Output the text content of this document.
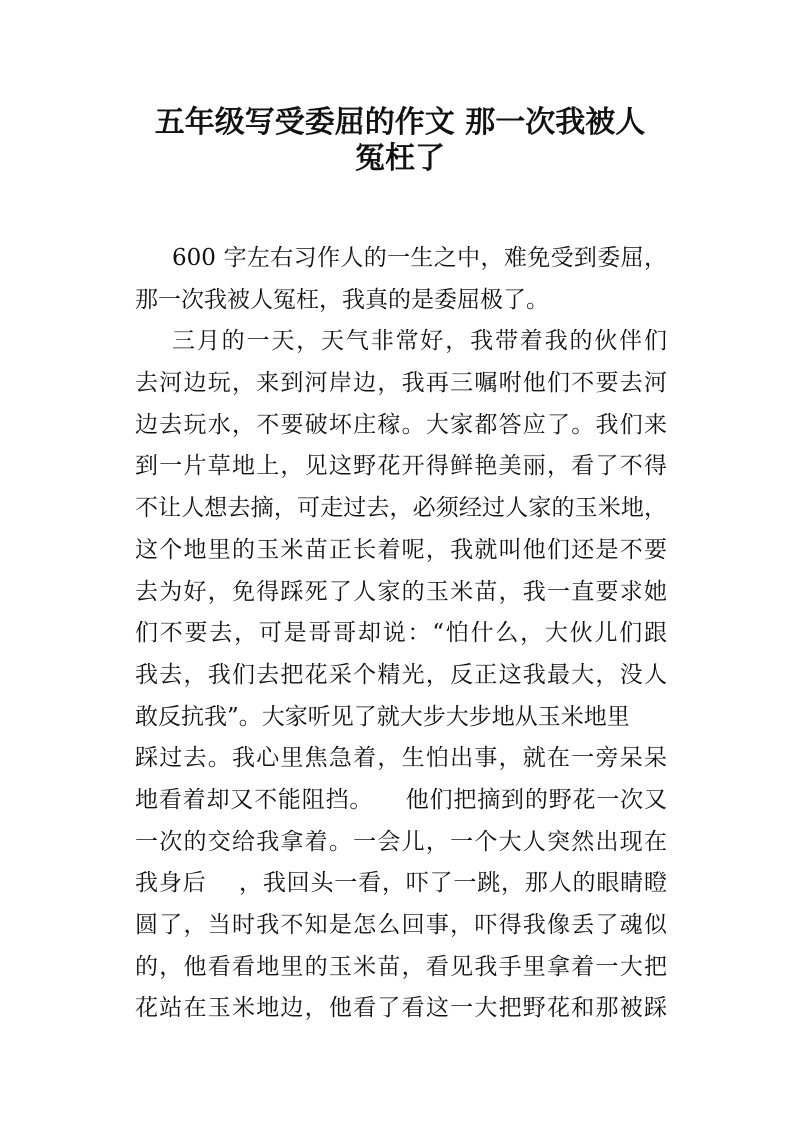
五年级写受委屈的作文 那一次我被人
冤枉了
600 字左右习作人的一生之中，难免受到委屈，
那一次我被人冤枉，我真的是委屈极了。
三月的一天，天气非常好，我带着我的伙伴们
去河边玩，来到河岸边，我再三嘱咐他们不要去河
边去玩水，不要破坏庄稼。大家都答应了。我们来
到一片草地上，见这野花开得鲜艳美丽，看了不得
不让人想去摘，可走过去，必须经过人家的玉米地，
这个地里的玉米苗正长着呢，我就叫他们还是不要
去为好，免得踩死了人家的玉米苗，我一直要求她
们不要去，可是哥哥却说：“怕什么，大伙儿们跟
我去，我们去把花采个精光，反正这我最大，没人
敢反抗我”。大家听见了就大步大步地从玉米地里
踩过去。我心里焦急着，生怕出事，就在一旁呆呆
地看着却又不能阻挡。    他们把摘到的野花一次又
一次的交给我拿着。一会儿，一个大人突然出现在
我身后    ，我回头一看，吓了一跳，那人的眼睛瞪
圆了，当时我不知是怎么回事，吓得我像丢了魂似
的，他看看地里的玉米苗，看见我手里拿着一大把
花站在玉米地边，他看了看这一大把野花和那被踩
